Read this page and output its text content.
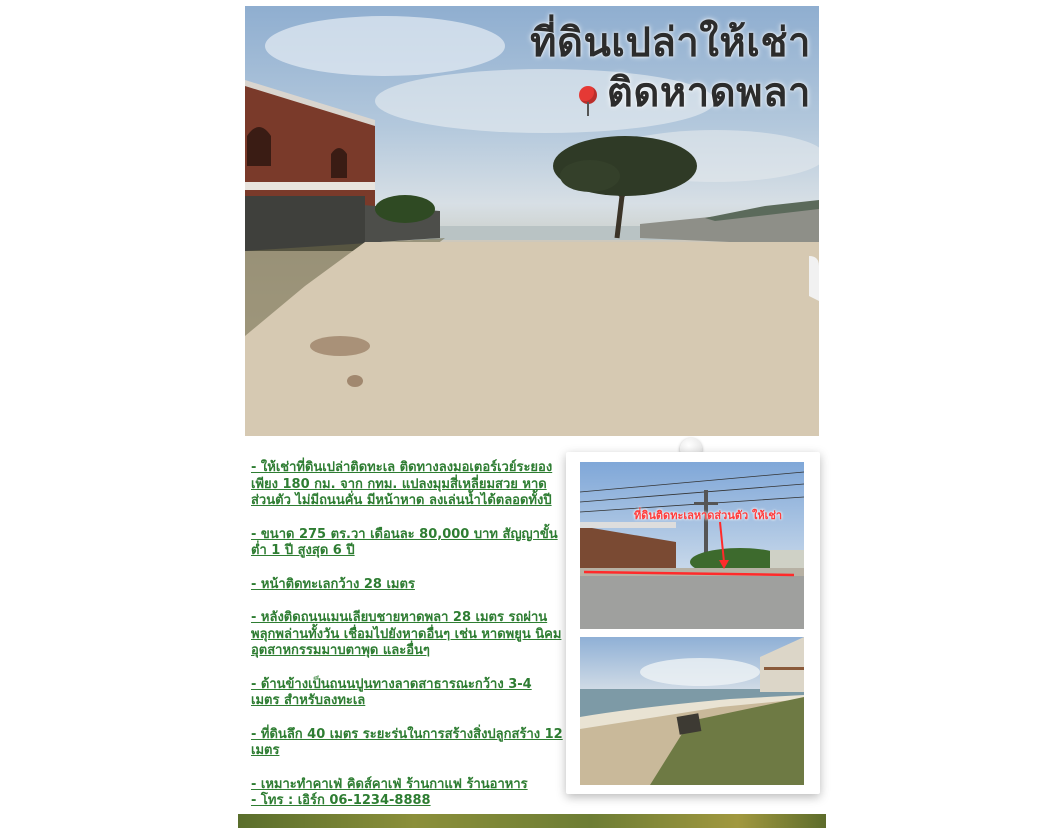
ที่ดินเปล่าให้เช่า
ติดหาดพลา

- ให้เช่าที่ดินเปล่าติดทะเล ติดทางลงมอเตอร์เวย์ระยอง เพียง 180 กม. จาก กทม. แปลงมุมสี่เหลี่ยมสวย หาดส่วนตัว ไม่มีถนนคั่น มีหน้าหาด ลงเล่นน้ำได้ตลอดทั้งปี

- ขนาด 275 ตร.วา เดือนละ 80,000 บาท สัญญาขั้นต่ำ 1 ปี สูงสุด 6 ปี

- หน้าติดทะเลกว้าง 28 เมตร

- หลังติดถนนเมนเลียบชายหาดพลา 28 เมตร รถผ่านพลุกพล่านทั้งวัน เชื่อมไปยังหาดอื่นๆ เช่น หาดพยูน นิคมอุตสาหกรรมมาบตาพุด และอื่นๆ

- ด้านข้างเป็นถนนปูนทางลาดสาธารณะกว้าง 3-4 เมตร สำหรับลงทะเล

- ที่ดินลึก 40 เมตร ระยะร่นในการสร้างสิ่งปลูกสร้าง 12 เมตร

- เหมาะทำคาเฟ่ คิดส์คาเฟ่ ร้านกาแฟ ร้านอาหาร

- โทร : เอิร์ก 06-1234-8888

ที่ดินติดทะเลหาดส่วนตัว ให้เช่า
